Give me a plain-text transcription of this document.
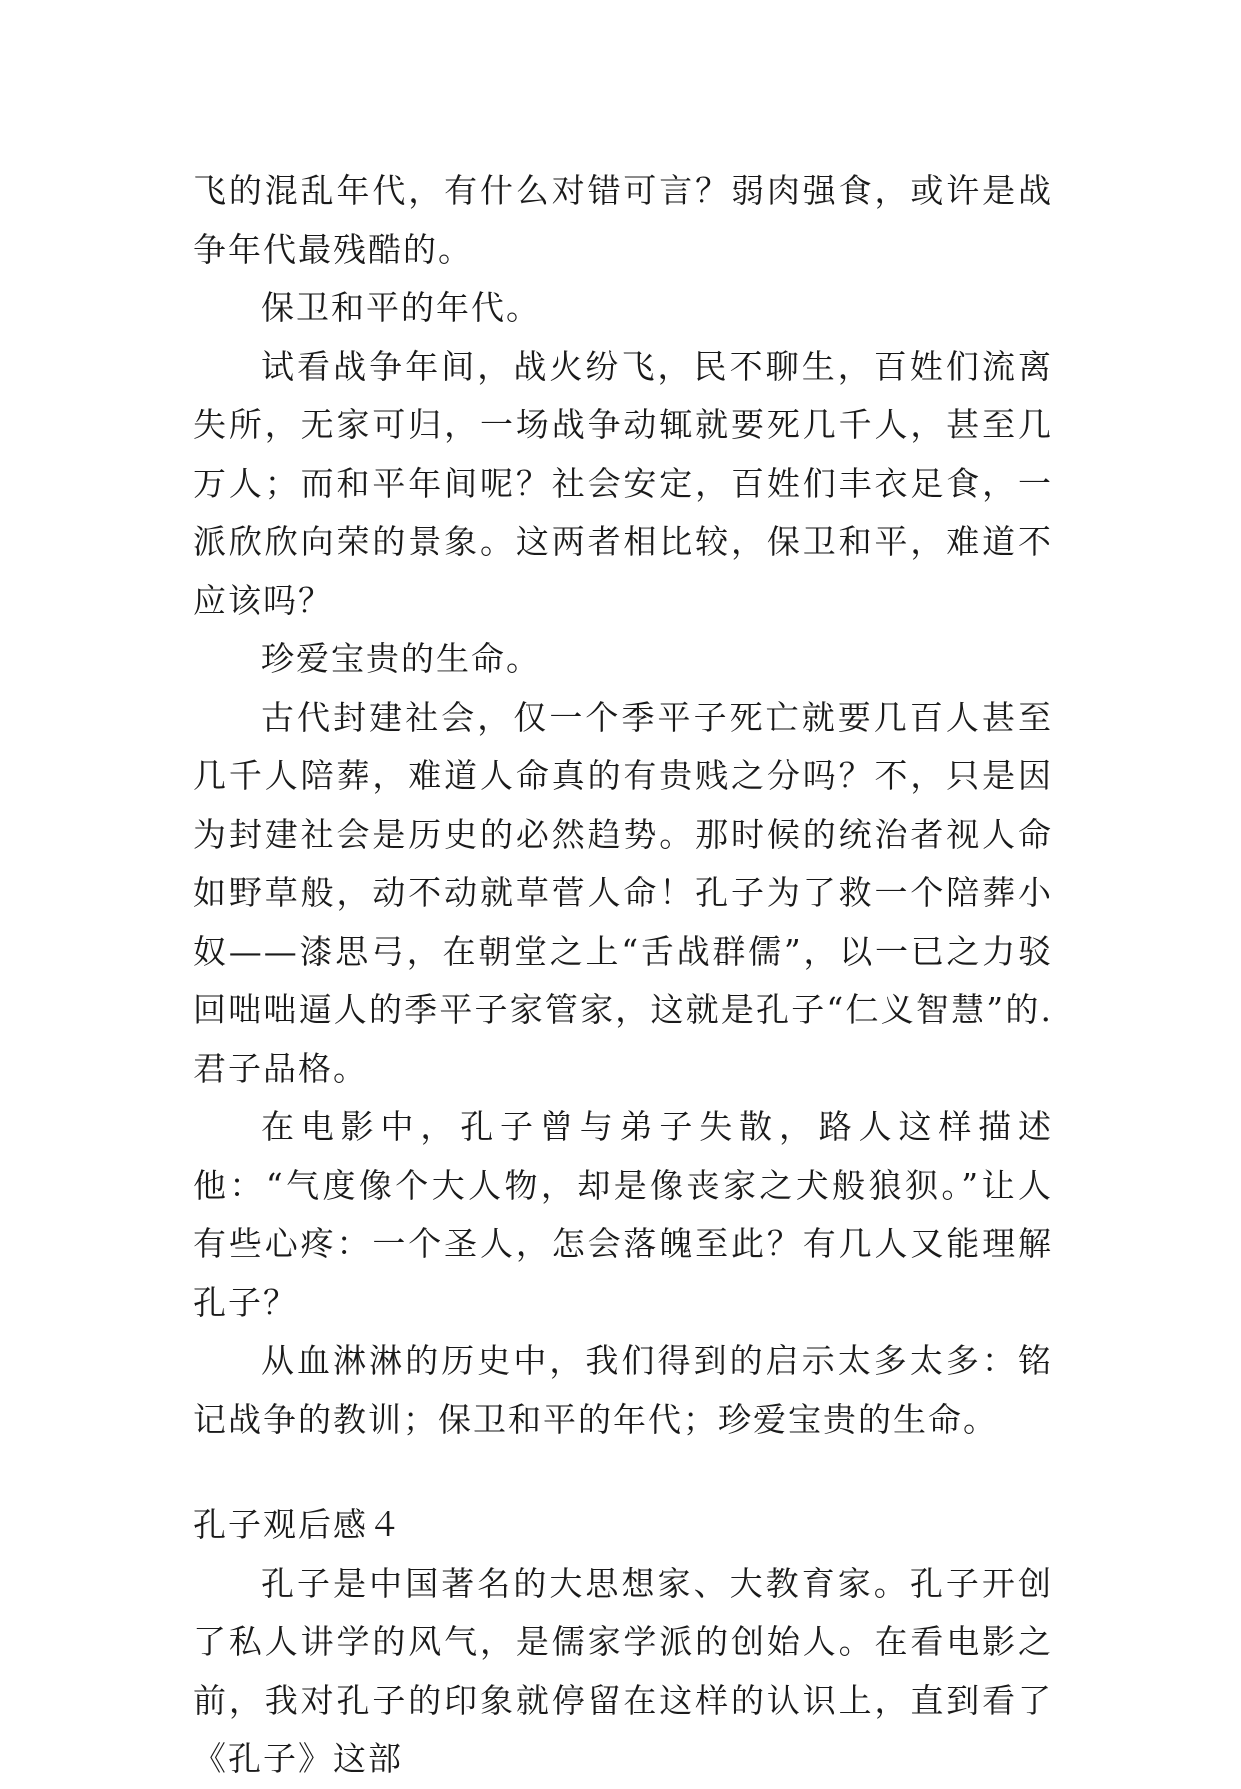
飞的混乱年代，有什么对错可言？弱肉强食，或许是战争年代最残酷的。

保卫和平的年代。

试看战争年间，战火纷飞，民不聊生，百姓们流离失所，无家可归，一场战争动辄就要死几千人，甚至几万人；而和平年间呢？社会安定，百姓们丰衣足食，一派欣欣向荣的景象。这两者相比较，保卫和平，难道不应该吗？

珍爱宝贵的生命。

古代封建社会，仅一个季平子死亡就要几百人甚至几千人陪葬，难道人命真的有贵贱之分吗？不，只是因为封建社会是历史的必然趋势。那时候的统治者视人命如野草般，动不动就草菅人命！孔子为了救一个陪葬小奴——漆思弓，在朝堂之上“舌战群儒”，以一已之力驳回咄咄逼人的季平子家管家，这就是孔子“仁义智慧”的.君子品格。

在电影中，孔子曾与弟子失散，路人这样描述他：“气度像个大人物，却是像丧家之犬般狼狈。”让人有些心疼：一个圣人，怎会落魄至此？有几人又能理解孔子？

从血淋淋的历史中，我们得到的启示太多太多：铭记战争的教训；保卫和平的年代；珍爱宝贵的生命。

孔子观后感４

孔子是中国著名的大思想家、大教育家。孔子开创了私人讲学的风气，是儒家学派的创始人。在看电影之前，我对孔子的印象就停留在这样的认识上，直到看了《孔子》这部
